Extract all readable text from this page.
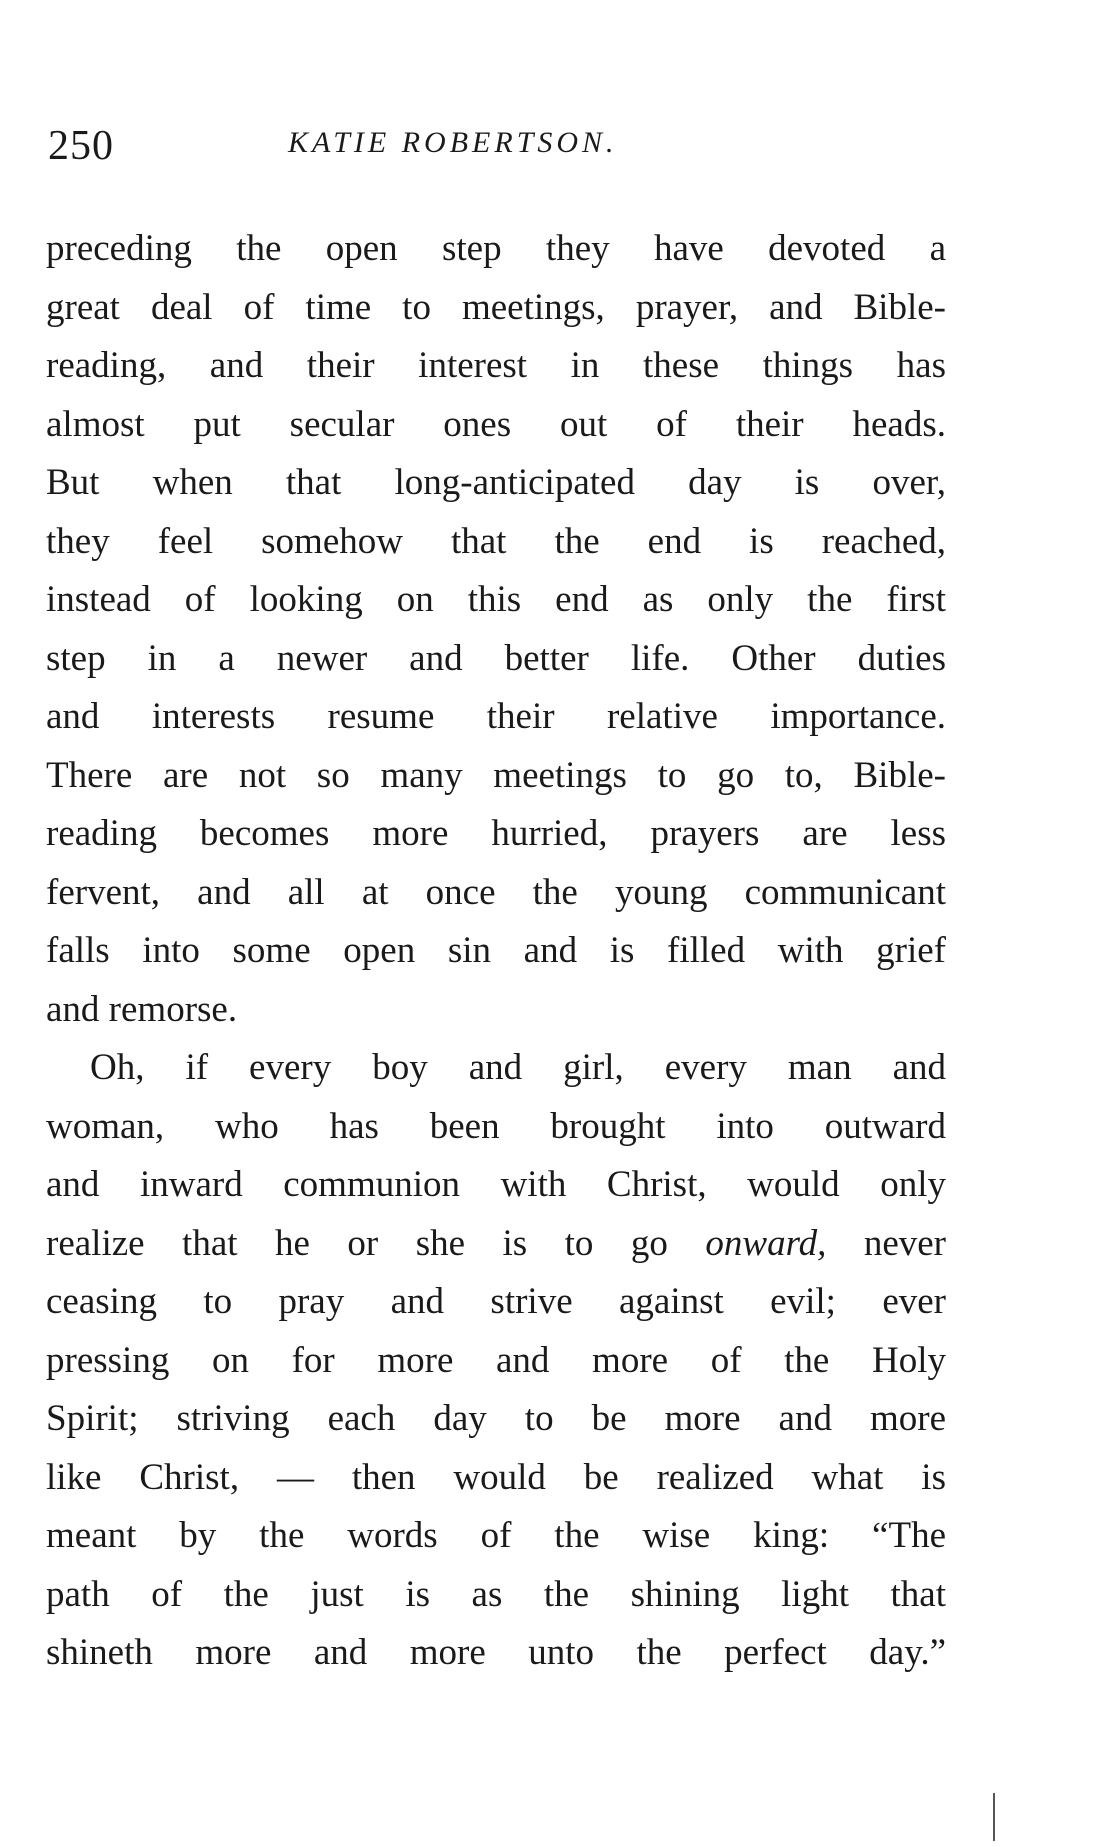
250	KATIE ROBERTSON.
preceding the open step they have devoted a
great deal of time to meetings, prayer, and Bible-
reading, and their interest in these things has
almost put secular ones out of their heads.
But when that long-anticipated day is over,
they feel somehow that the end is reached,
instead of looking on this end as only the first
step in a newer and better life. Other duties
and interests resume their relative importance.
There are not so many meetings to go to, Bible-
reading becomes more hurried, prayers are less
fervent, and all at once the young communicant
falls into some open sin and is filled with grief
and remorse.
Oh, if every boy and girl, every man and
woman, who has been brought into outward
and inward communion with Christ, would only
realize that he or she is to go onward, never
ceasing to pray and strive against evil; ever
pressing on for more and more of the Holy
Spirit; striving each day to be more and more
like Christ, — then would be realized what is
meant by the words of the wise king: “The
path of the just is as the shining light that
shineth more and more unto the perfect day.”
